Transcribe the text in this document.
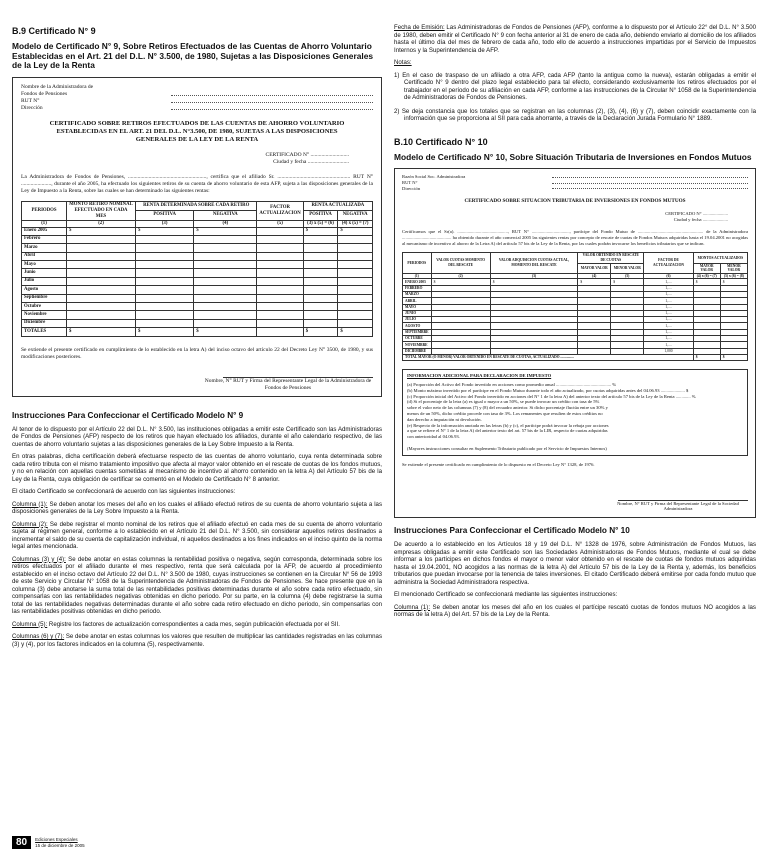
B.9 Certificado N° 9
Modelo de Certificado N° 9, Sobre Retiros Efectuados de las Cuentas de Ahorro Voluntario Establecidas en el Art. 21 del D.L. N° 3.500, de 1980, Sujetas a las Disposiciones Generales de la Ley de la Renta
Nombre de la Administradora de
Fondos de Pensiones
RUT N°
Dirección
CERTIFICADO SOBRE RETIROS EFECTUADOS DE LAS CUENTAS DE AHORRO VOLUNTARIO ESTABLECIDAS EN EL ART. 21 DEL D.L. N°3.500, DE 1980, SUJETAS A LAS DISPOSICIONES GENERALES DE LA LEY DE LA RENTA
CERTIFICADO N° ............................
Ciudad y fecha ..............................
La Administradora de Fondos de Pensiones, ........................................................., certifica que el afiliado Sr. ..................................................... RUT N° ......................, durante el año 2005, ha efectuado los siguientes retiros de su cuenta de ahorro voluntario de esta AFP, sujeta a las disposiciones generales de la Ley de Impuesto a la Renta, sobre las cuales se han determinado las siguientes rentas:
PERIODOS	MONTO RETIRO NOMINAL EFECTUADO EN CADA MES	RENTA DETERMINADA SOBRE CADA RETIRO		FACTOR ACTUALIZACION	RENTA ACTUALIZADA	
		POSITIVA	NEGATIVA		POSITIVA	NEGATIVA
(1)	(2)	(3)	(4)	(5)	(3) x (5) = (6)	(4) x (5) = (7)
Enero 2005	$	$	$		$	$
Febrero						
Marzo						
Abril						
Mayo						
Junio						
Julio						
Agosto						
Septiembre						
Octubre						
Noviembre						
Diciembre						
TOTALES	$	$	$		$	$
Se extiende el presente certificado en cumplimiento de lo establecido en la letra A) del inciso octavo del artículo 22 del Decreto Ley N° 3500, de 1980, y sus modificaciones posteriores.
Nombre, N° RUT y Firma del Representante Legal de la Administradora de Fondos de Pensiones
Instrucciones Para Confeccionar el Certificado Modelo N° 9

Al tenor de lo dispuesto por el Artículo 22 del D.L. N° 3.500, las instituciones obligadas a emitir este Certificado son las Administradoras de Fondos de Pensiones (AFP) respecto de los retiros que hayan efectuado los afiliados, durante el año calendario respectivo, de las cuentas de ahorro voluntario sujetas a las disposiciones generales de la Ley Sobre Impuesto a la Renta.

En otras palabras, dicha certificación deberá efectuarse respecto de las cuentas de ahorro voluntario, cuya renta determinada sobre cada retiro tributa con el mismo tratamiento impositivo que afecta al mayor valor obtenido en el rescate de cuotas de los fondos mutuos, y no en relación con aquellas cuentas sometidas al mecanismo de incentivo al ahorro contenido en la letra A) del Artículo 57 bis de la Ley de la Renta, cuya obligación de certificar se comentó en el Modelo de Certificado N° 8 anterior.

El citado Certificado se confeccionará de acuerdo con las siguientes instrucciones:

Columna (1): Se deben anotar los meses del año en los cuales el afiliado efectuó retiros de su cuenta de ahorro voluntario sujeta a las disposiciones generales de la Ley Sobre Impuesto a la Renta.

Columna (2): Se debe registrar el monto nominal de los retiros que el afiliado efectuó en cada mes de su cuenta de ahorro voluntario sujeta al régimen general, conforme a lo establecido en el Artículo 21 del D.L. N° 3.500, sin considerar aquellos retiros destinados a incrementar el saldo de su cuenta de capitalización individual, ni aquellos destinados a los fines indicados en el inciso quinto de la norma legal antes mencionada.

Columnas (3) y (4): Se debe anotar en estas columnas la rentabilidad positiva o negativa, según corresponda, determinada sobre los retiros efectuados por el afiliado durante el mes respectivo, renta que será calculada por la AFP, de acuerdo al procedimiento establecido en el inciso octavo del Artículo 22 del D.L. N° 3.500 de 1980, cuyas instrucciones se contienen en la Circular N° 56 de 1993 de este Servicio y Circular N° 1058 de la Superintendencia de Administradoras de Fondos de Pensiones. Se hace presente que en la columna (3) debe anotarse la suma total de las rentabilidades positivas determinadas durante el año sobre cada retiro efectuado, sin compensarlas con las rentabilidades negativas obtenidas en dicho periodo. Por su parte, en la columna (4) debe registrarse la suma total de las rentabilidades negativas determinadas durante el año sobre cada retiro efectuado en dicho periodo, sin compensarlas con las rentabilidades positivas obtenidas en dicho periodo.

Columna (5): Registre los factores de actualización correspondientes a cada mes, según publicación efectuada por el SII.

Columnas (6) y (7): Se debe anotar en estas columnas los valores que resulten de multiplicar las cantidades registradas en las columnas (3) y (4), por los factores indicados en la columna (5), respectivamente.

Fecha de Emisión: Las Administradoras de Fondos de Pensiones (AFP), conforme a lo dispuesto por el Artículo 22° del D.L. N° 3.500 de 1980, deben emitir el Certificado N° 9 con fecha anterior al 31 de enero de cada año, debiendo enviarlo al domicilio de los afiliados hasta el último día del mes de febrero de cada año, todo ello de acuerdo a instrucciones impartidas por el Servicio de Impuestos Internos y la Superintendencia de AFP.

Notas:

1) En el caso de traspaso de un afiliado a otra AFP, cada AFP (tanto la antigua como la nueva), estarán obligadas a emitir el Certificado N° 9 dentro del plazo legal establecido para tal efecto, considerando exclusivamente los retiros efectuados por el trabajador en el período de su afiliación en cada AFP, conforme a las instrucciones de la Circular N° 1058 de la Superintendencia de Administradoras de Fondos de Pensiones.
2) Se deja constancia que los totales que se registran en las columnas (2), (3), (4), (6) y (7), deben coincidir exactamente con la información que se proporciona al SII para cada ahorrante, a través de la Declaración Jurada Formulario N° 1889.
B.10 Certificado N° 10
Modelo de Certificado N° 10, Sobre Situación Tributaria de Inversiones en Fondos Mutuos
Razón Social Soc. Administradora
RUT N°
Dirección
CERTIFICADO SOBRE SITUACION TRIBUTARIA DE INVERSIONES EN FONDOS MUTUOS
CERTIFICADO N° ......................
Ciudad y fecha ......................
Certificamos que el Sr(a). ............................................, RUT N° ................................., partícipe del Fondo Mutuo de ......................................................... de la Administradora ........................................... ha obtenido durante el año comercial 2005 las siguientes rentas por concepto de rescate de cuotas de Fondos Mutuos adquiridas hasta el 19.04.2001 no acogidas al mecanismo de incentivo al ahorro de la Letra A) del artículo 57 bis de la Ley de la Renta, por las cuales podrán invocarse los beneficios tributarios que se indican.
PERIODOS	VALOR CUOTAS MOMENTO DEL RESCATE	VALOR ADQUISICION CUOTAS ACTUAL, MOMENTO DEL RESCATE	VALOR OBTENIDO EN RESCATE DE CUOTAS		FACTOR DE ACTUALIZACION	MONTOS ACTUALIZADOS	
			MAYOR VALOR	MENOR VALOR		MAYOR VALOR	MENOR VALOR
(1)	(2)	(3)	(4)	(5)	(6)	(4) x (6) = (7)	(5) x (6) = (8)
ENERO 2005	$	$	$	$	1,....	$	$
FEBRERO					1,....		
MARZO					1,....		
ABRIL					1,....		
MAYO					1,....		
JUNIO					1,....		
JULIO					1,....		
AGOSTO					1,....		
SEPTIEMBRE					1,....		
OCTUBRE					1,....		
NOVIEMBRE					1,....		
DICIEMBRE					1,000		
TOTAL MAYOR (O MENOR) VALOR OBTENIDO EN RESCATE DE CUOTAS, ACTUALIZADO ...............						$	$
INFORMACION ADICIONAL PARA DECLARACION DE IMPUESTO
(a) Proporción del Activo del Fondo invertido en acciones como promedio anual ................................................ %
(b) Monto máximo invertido por el partícipe en el Fondo Mutuo durante todo el año actualizado, por cuotas adquiridas antes del 04.06.93 ..................... $
(c) Proporción inicial del Activo del Fondo invertido en acciones del N° 1 de la letra A) del anterior texto del artículo 57 bis de la Ley de la Renta ............. %
(d) Si el porcentaje de la letra (a) es igual o mayor a un 50%, se puede invocar un crédito con tasa de 5% sobre el valor neto de las columnas (7) y (8) del recuadro anterior. Si dicho porcentaje fluctúa entre un 30% y menos de un 50%, dicho crédito procede con tasa de 3%. Los remanentes que resulten de estos créditos no dan derecho a imputación ni devolución.
(e) Respecto de la información anotada en las letras (b) y (c), el partícipe podrá invocar la rebaja por acciones a que se refiere el N° 1 de la letra A) del anterior texto del art. 57 bis de la LIR, respecto de cuotas adquiridas con anterioridad al 04.06.93.
(Mayores instrucciones consultar en Suplemento Tributario publicado por el Servicio de Impuestos Internos)
Se extiende el presente certificado en cumplimiento de lo dispuesto en el Decreto Ley N° 1328, de 1976.
Nombre, N° RUT y Firma del Representante Legal de la Sociedad Administradora
Instrucciones Para Confeccionar el Certificado Modelo N° 10

De acuerdo a lo establecido en los Artículos 18 y 19 del D.L. N° 1328 de 1976, sobre Administración de Fondos Mutuos, las empresas obligadas a emitir este Certificado son las Sociedades Administradoras de Fondos Mutuos, mediante el cual se debe informar a los partícipes en dichos fondos el mayor o menor valor obtenido en el rescate de cuotas de fondos mutuos adquiridas hasta el 19.04.2001, NO acogidos a las normas de la letra A) del Artículo 57 bis de la Ley de la Renta y, además, los beneficios tributarios que puedan invocarse por la tenencia de tales inversiones. El citado Certificado deberá emitirse por cada fondo mutuo que administra la Sociedad Administradora respectiva.

El mencionado Certificado se confeccionará mediante las siguientes instrucciones:

Columna (1): Se deben anotar los meses del año en los cuales el partícipe rescató cuotas de fondos mutuos NO acogidos a las normas de la letra A) del Art. 57 bis de la Ley de la Renta.

80	Ediciones Especiales
15 de diciembre de 2005
